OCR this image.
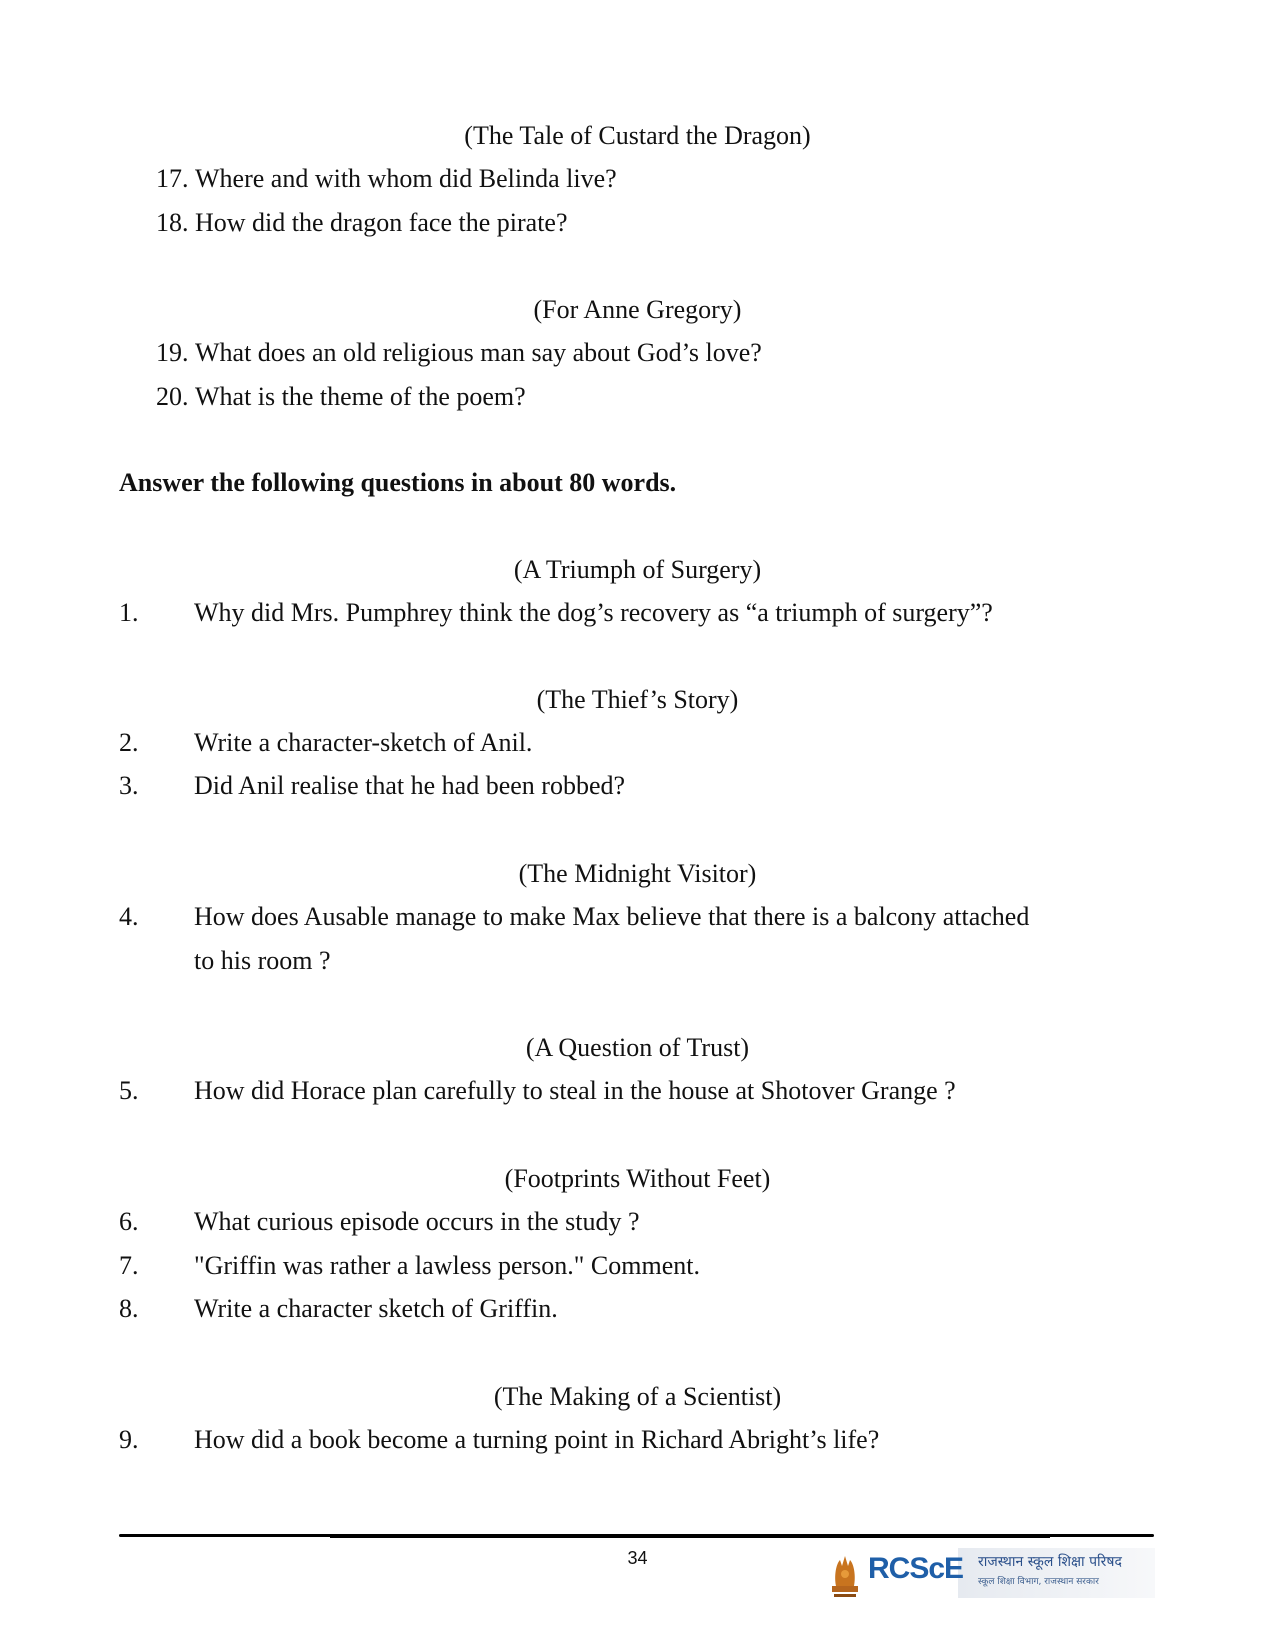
(The Tale of Custard the Dragon)
17. Where and with whom did Belinda live?
18. How did the dragon face the pirate?
(For Anne Gregory)
19. What does an old religious man say about God’s love?
20. What is the theme of the poem?
Answer the following questions in about 80 words.
(A Triumph of Surgery)
1. Why did Mrs. Pumphrey think the dog’s recovery as “a triumph of surgery”?
(The Thief’s Story)
2. Write a character-sketch of Anil.
3. Did Anil realise that he had been robbed?
(The Midnight Visitor)
4. How does Ausable manage to make Max believe that there is a balcony attached
to his room ?
(A Question of Trust)
5. How did Horace plan carefully to steal in the house at Shotover Grange ?
(Footprints Without Feet)
6. What curious episode occurs in the study ?
7. "Griffin was rather a lawless person." Comment.
8. Write a character sketch of Griffin.
(The Making of a Scientist)
9. How did a book become a turning point in Richard Abright’s life?
34	RCScE राजस्थान स्कूल शिक्षा परिषद
स्कूल शिक्षा विभाग, राजस्थान सरकार
